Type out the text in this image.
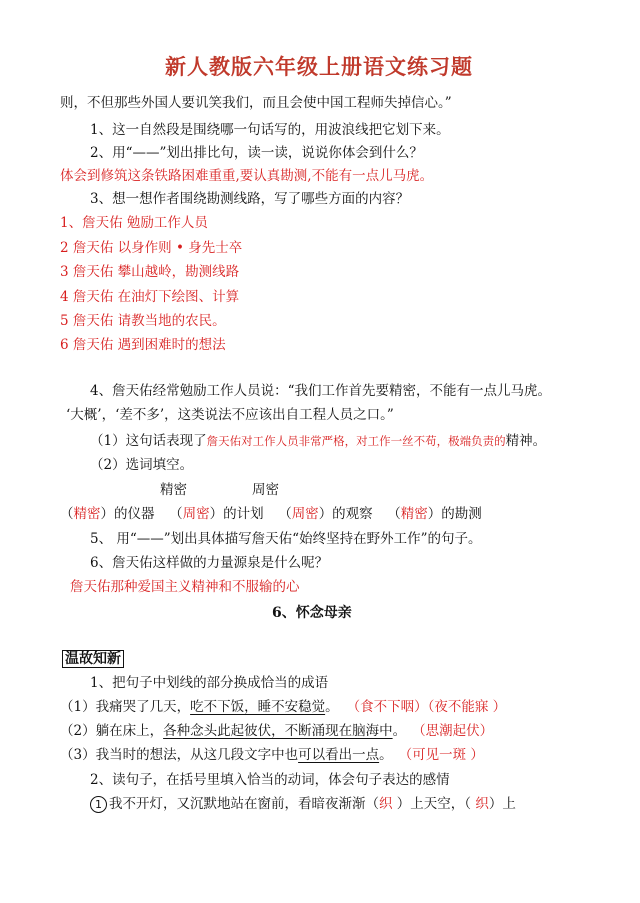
新人教版六年级上册语文练习题
则，不但那些外国人要讥笑我们，而且会使中国工程师失掉信心。”
1、这一自然段是围绕哪一句话写的，用波浪线把它划下来。
2、用“——”划出排比句，读一读，说说你体会到什么？
体会到修筑这条铁路困难重重,要认真勘测,不能有一点儿马虎。
3、想一想作者围绕勘测线路，写了哪些方面的内容？
1、詹天佑 勉励工作人员
2 詹天佑 以身作则 • 身先士卒
3 詹天佑 攀山越岭，勘测线路
4 詹天佑 在油灯下绘图、计算
5 詹天佑 请教当地的农民。
6 詹天佑 遇到困难时的想法
4、詹天佑经常勉励工作人员说：“我们工作首先要精密，不能有一点儿马虎。
‘大概’，‘差不多’，这类说法不应该出自工程人员之口。”
（1）这句话表现了詹天佑对工作人员非常严格，对工作一丝不苟，极端负责的精神。
（2）选词填空。
精密	周密
（精密）的仪器 （周密）的计划 （周密）的观察 （精密）的勘测
5、 用“——”划出具体描写詹天佑“始终坚持在野外工作”的句子。
6、詹天佑这样做的力量源泉是什么呢？
詹天佑那种爱国主义精神和不服输的心
6、怀念母亲
温故知新
1、把句子中划线的部分换成恰当的成语
（1）我痛哭了几天，吃不下饭，睡不安稳觉。 （食不下咽）（夜不能寐 ）
（2）躺在床上，各种念头此起彼伏，不断涌现在脑海中。 （思潮起伏）
（3）我当时的想法，从这几段文字中也可以看出一点。 （可见一斑 ）
2、读句子，在括号里填入恰当的动词，体会句子表达的感情
1 我不开灯，又沉默地站在窗前，看暗夜渐渐（织 ）上天空，（ 织）上
